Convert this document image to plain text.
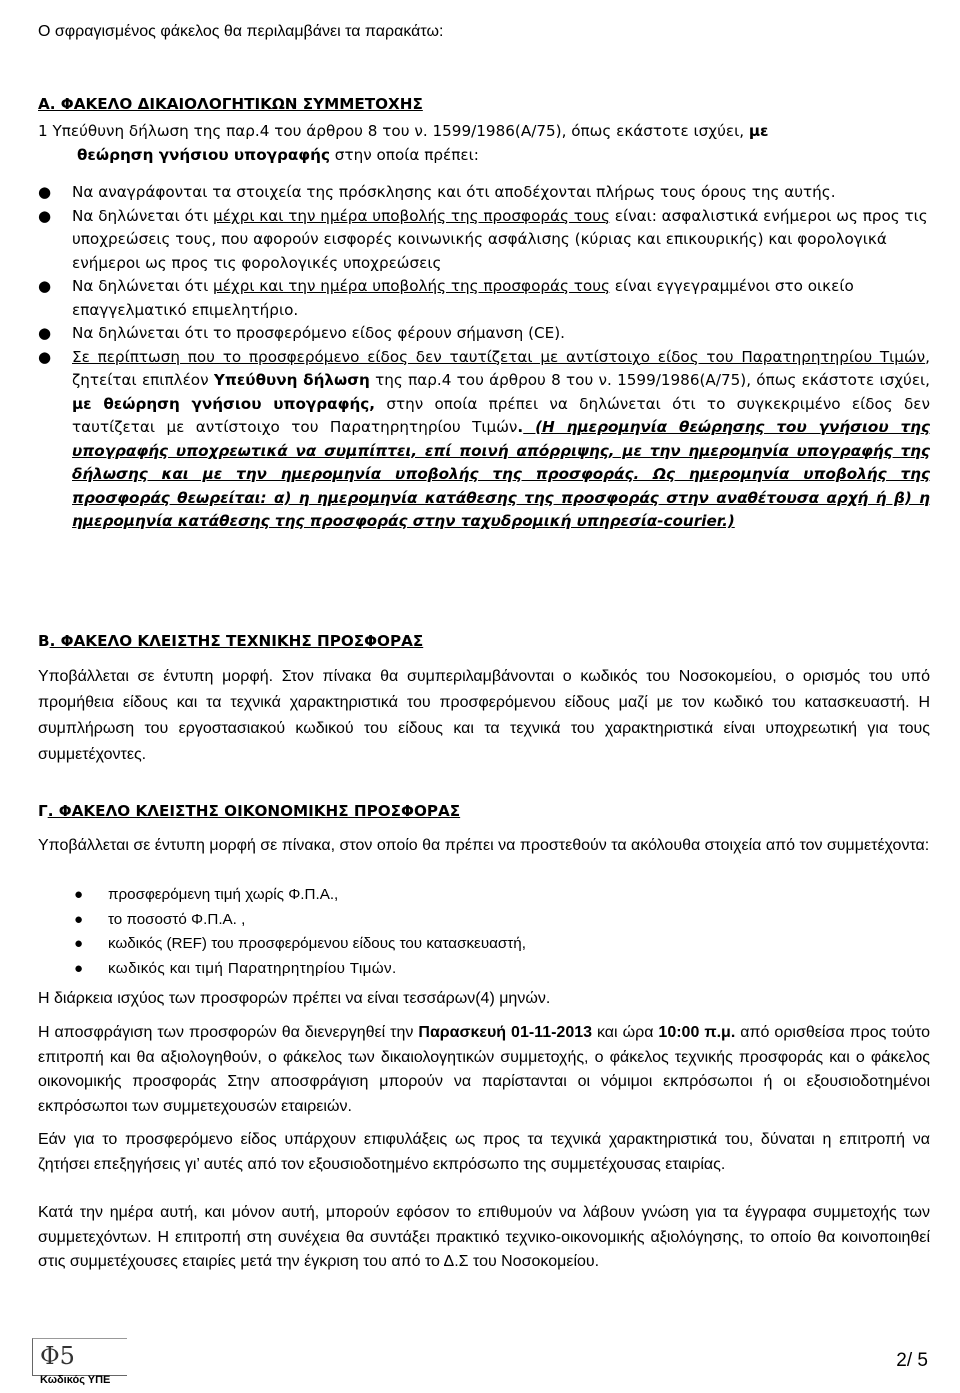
Ο σφραγισμένος φάκελος θα περιλαμβάνει τα παρακάτω:

Α. ΦΑΚΕΛΟ ΔΙΚΑΙΟΛΟΓΗΤΙΚΩΝ ΣΥΜΜΕΤΟΧΗΣ

1 Υπεύθυνη δήλωση της παρ.4 του άρθρου 8 του ν. 1599/1986(Α/75), όπως εκάστοτε ισχύει, με
θεώρηση γνήσιου υπογραφής στην οποία πρέπει:

●	Να αναγράφονται τα στοιχεία της πρόσκλησης και ότι αποδέχονται πλήρως τους όρους της αυτής.
●	Να δηλώνεται ότι μέχρι και την ημέρα υποβολής της προσφοράς τους είναι: ασφαλιστικά ενήμεροι ως προς τις υποχρεώσεις τους, που αφορούν εισφορές κοινωνικής ασφάλισης (κύριας και επικουρικής) και φορολογικά ενήμεροι ως προς τις φορολογικές υποχρεώσεις
●	Να δηλώνεται ότι μέχρι και την ημέρα υποβολής της προσφοράς τους είναι εγγεγραμμένοι στο οικείο επαγγελματικό επιμελητήριο.
●	Να δηλώνεται ότι το προσφερόμενο είδος φέρουν σήμανση (CE).
●	Σε περίπτωση που το προσφερόμενο είδος δεν ταυτίζεται με αντίστοιχο είδος του Παρατηρητηρίου Τιμών, ζητείται επιπλέον Υπεύθυνη δήλωση της παρ.4 του άρθρου 8 του ν. 1599/1986(Α/75), όπως εκάστοτε ισχύει, με θεώρηση γνήσιου υπογραφής, στην οποία πρέπει να δηλώνεται ότι το συγκεκριμένο είδος δεν ταυτίζεται με αντίστοιχο του Παρατηρητηρίου Τιμών. (Η ημερομηνία θεώρησης του γνήσιου της υπογραφής υποχρεωτικά να συμπίπτει, επί ποινή απόρριψης, με την ημερομηνία υπογραφής της δήλωσης και με την ημερομηνία υποβολής της προσφοράς. Ως ημερομηνία υποβολής της προσφοράς θεωρείται: α) η ημερομηνία κατάθεσης της προσφοράς στην αναθέτουσα αρχή ή β) η ημερομηνία κατάθεσης της προσφοράς στην ταχυδρομική υπηρεσία-courier.)

Β. ΦΑΚΕΛΟ ΚΛΕΙΣΤΗΣ ΤΕΧΝΙΚΗΣ ΠΡΟΣΦΟΡΑΣ

Υποβάλλεται σε έντυπη μορφή. Στον πίνακα θα συμπεριλαμβάνονται ο κωδικός του Νοσοκομείου, ο ορισμός του υπό προμήθεια είδους και τα τεχνικά χαρακτηριστικά του προσφερόμενου είδους μαζί με τον κωδικό του κατασκευαστή. Η συμπλήρωση του εργοστασιακού κωδικού του είδους και τα τεχνικά του χαρακτηριστικά είναι υποχρεωτική για τους συμμετέχοντες.

Γ. ΦΑΚΕΛΟ ΚΛΕΙΣΤΗΣ ΟΙΚΟΝΟΜΙΚΗΣ ΠΡΟΣΦΟΡΑΣ

Υποβάλλεται σε έντυπη μορφή σε πίνακα, στον οποίο θα πρέπει να προστεθούν τα ακόλουθα στοιχεία από τον συμμετέχοντα:

●	προσφερόμενη τιμή χωρίς Φ.Π.Α.,
●	το ποσοστό Φ.Π.Α. ,
●	κωδικός (REF) του προσφερόμενου είδους του κατασκευαστή,
●	κωδικός και τιμή Παρατηρητηρίου Τιμών.

Η διάρκεια ισχύος των προσφορών πρέπει να είναι τεσσάρων(4) μηνών.

Η αποσφράγιση των προσφορών θα διενεργηθεί την Παρασκευή 01-11-2013 και ώρα 10:00 π.μ. από ορισθείσα προς τούτο επιτροπή και θα αξιολογηθούν, ο φάκελος των δικαιολογητικών συμμετοχής, ο φάκελος τεχνικής προσφοράς και ο φάκελος οικονομικής προσφοράς Στην αποσφράγιση μπορούν να παρίστανται οι νόμιμοι εκπρόσωποι ή οι εξουσιοδοτημένοι εκπρόσωποι των συμμετεχουσών εταιρειών.

Εάν για το προσφερόμενο είδος υπάρχουν επιφυλάξεις ως προς τα τεχνικά χαρακτηριστικά του, δύναται η επιτροπή να ζητήσει επεξηγήσεις γι’ αυτές από τον εξουσιοδοτημένο εκπρόσωπο της συμμετέχουσας εταιρίας.

Κατά την ημέρα αυτή, και μόνον αυτή, μπορούν εφόσον το επιθυμούν να λάβουν γνώση για τα έγγραφα συμμετοχής των συμμετεχόντων. Η επιτροπή στη συνέχεια θα συντάξει πρακτικό τεχνικο-οικονομικής αξιολόγησης, το οποίο θα κοινοποιηθεί στις συμμετέχουσες εταιρίες μετά την έγκριση του από το Δ.Σ του Νοσοκομείου.

Φ5
Κωδικός ΥΠΕ
2/ 5
